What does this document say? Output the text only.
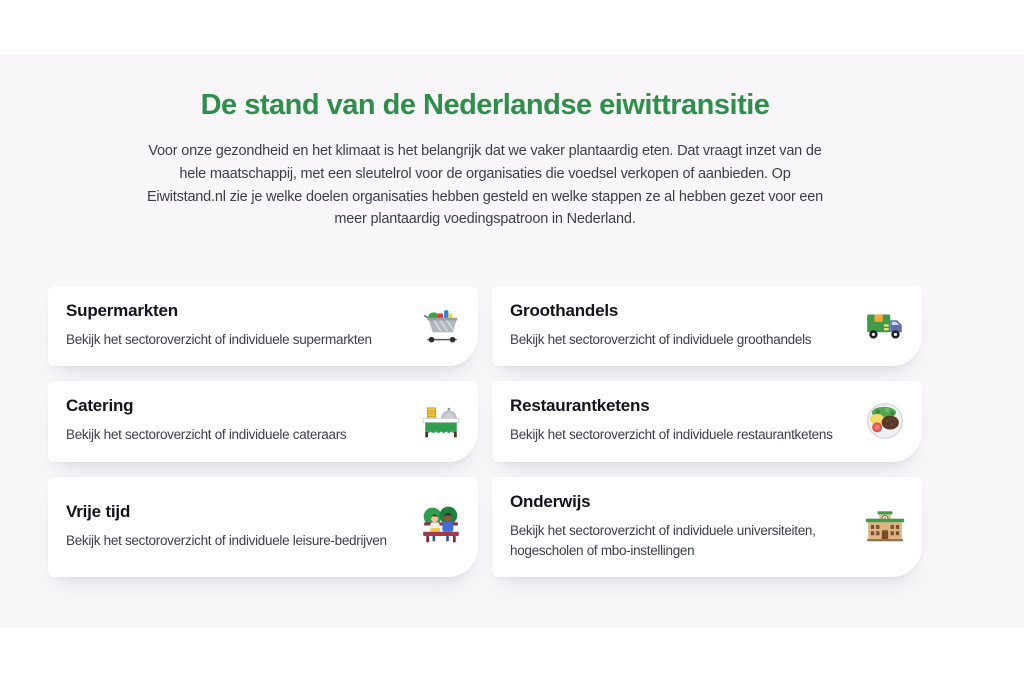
De stand van de Nederlandse eiwittransitie

Voor onze gezondheid en het klimaat is het belangrijk dat we vaker plantaardig eten. Dat vraagt inzet van de hele maatschappij, met een sleutelrol voor de organisaties die voedsel verkopen of aanbieden. Op Eiwitstand.nl zie je welke doelen organisaties hebben gesteld en welke stappen ze al hebben gezet voor een meer plantaardig voedingspatroon in Nederland.

Supermarkten
Bekijk het sectoroverzicht of individuele supermarkten
Groothandels
Bekijk het sectoroverzicht of individuele groothandels
Catering
Bekijk het sectoroverzicht of individuele cateraars
Restaurantketens
Bekijk het sectoroverzicht of individuele restaurantketens
Vrije tijd
Bekijk het sectoroverzicht of individuele leisure-bedrijven
Onderwijs
Bekijk het sectoroverzicht of individuele universiteiten, hogescholen of mbo-instellingen
